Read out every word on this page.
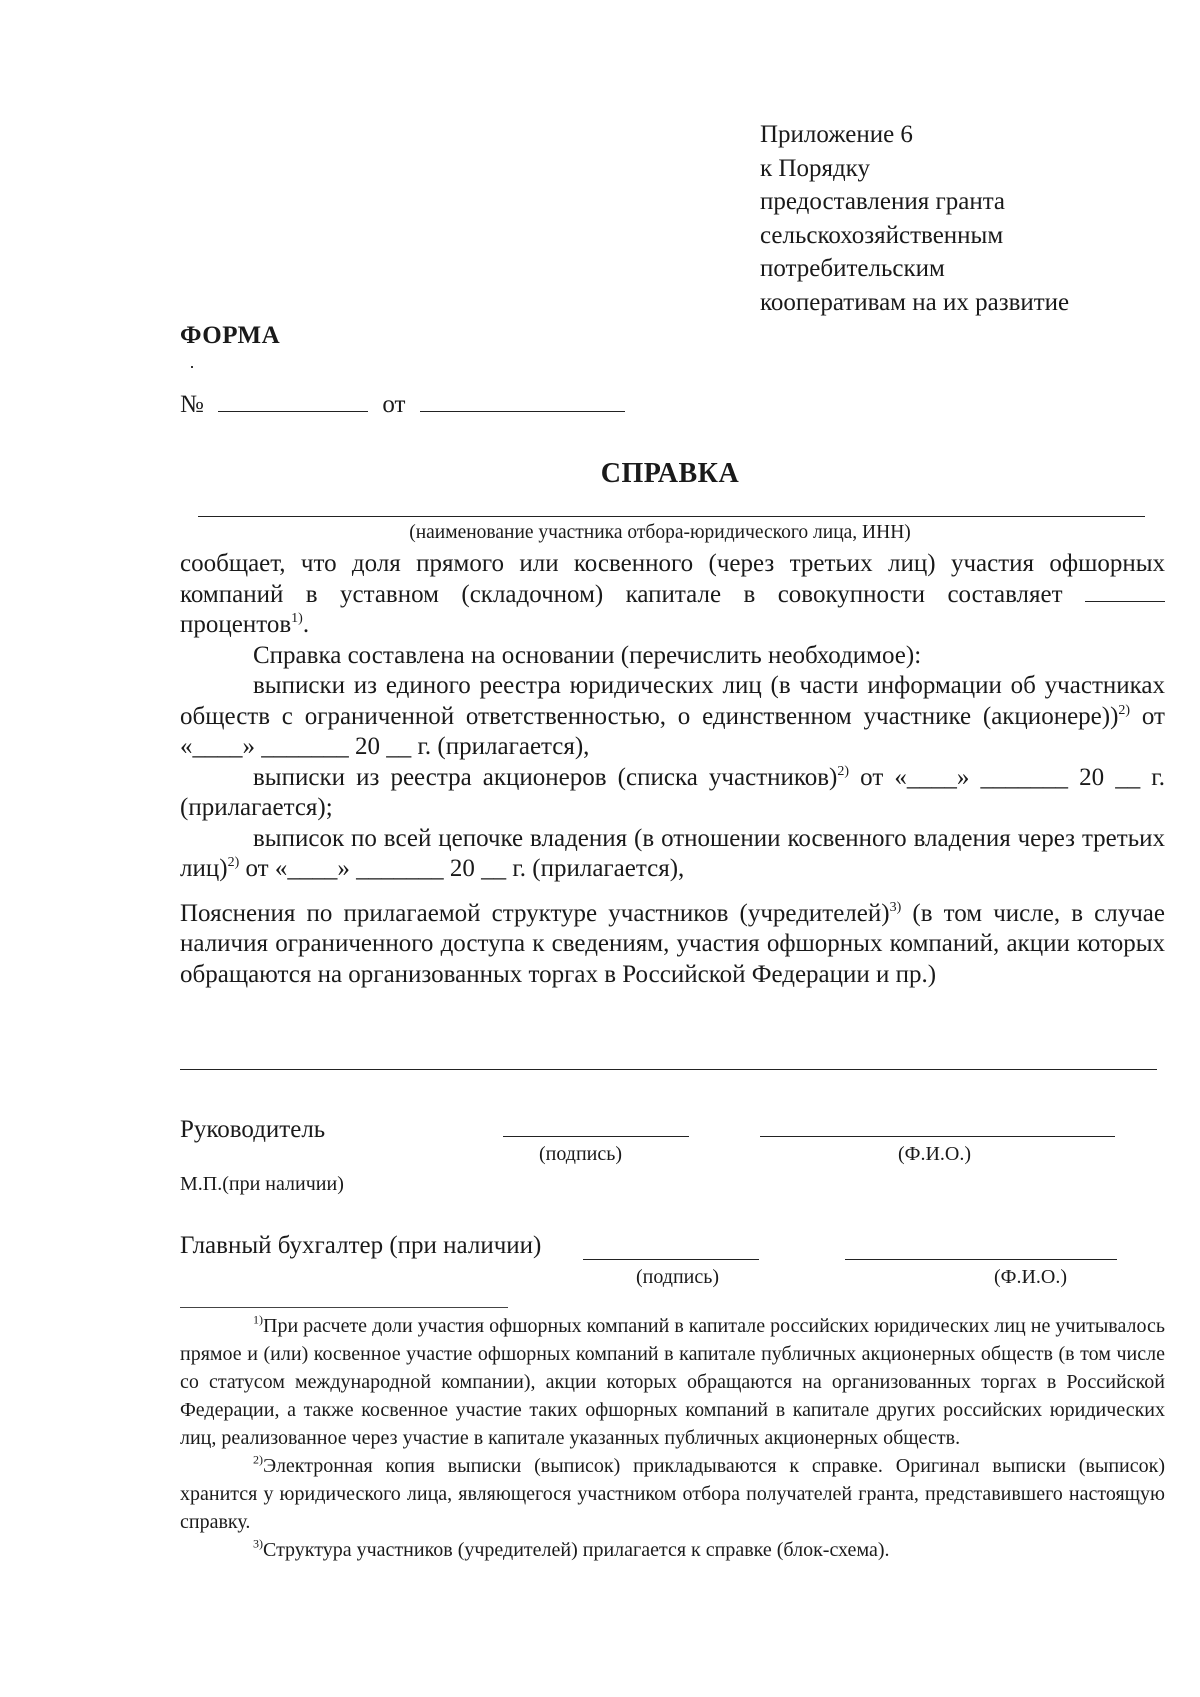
Приложение 6
к Порядку
предоставления гранта
сельскохозяйственным
потребительским
кооперативам на их развитие
ФОРМА
№	от
СПРАВКА
(наименование участника отбора-юридического лица, ИНН)

сообщает, что доля прямого или косвенного (через третьих лиц) участия офшорных компаний в уставном (складочном) капитале в совокупности составляет  процентов$^{1)}$.

Справка составлена на основании (перечислить необходимое):

выписки из единого реестра юридических лиц (в части информации об участниках обществ с ограниченной ответственностью, о единственном участнике (акционере))$^{2)}$ от «____» _______ 20 __ г. (прилагается),

выписки из реестра акционеров (списка участников)$^{2)}$ от «____» _______ 20 __ г. (прилагается);

выписок по всей цепочке владения (в отношении косвенного владения через третьих лиц)$^{2)}$ от «____» _______ 20 __ г. (прилагается),

Пояснения по прилагаемой структуре участников (учредителей)$^{3)}$ (в том числе, в случае наличия ограниченного доступа к сведениям, участия офшорных компаний, акции которых обращаются на организованных торгах в Российской Федерации и пр.)

Руководитель
(подпись)	(Ф.И.О.)
М.П.(при наличии)
Главный бухгалтер (при наличии)
(подпись)	(Ф.И.О.)

$^{1)}$При расчете доли участия офшорных компаний в капитале российских юридических лиц не учитывалось прямое и (или) косвенное участие офшорных компаний в капитале публичных акционерных обществ (в том числе со статусом международной компании), акции которых обращаются на организованных торгах в Российской Федерации, а также косвенное участие таких офшорных компаний в капитале других российских юридических лиц, реализованное через участие в капитале указанных публичных акционерных обществ.

$^{2)}$Электронная копия выписки (выписок) прикладываются к справке. Оригинал выписки (выписок) хранится у юридического лица, являющегося участником отбора получателей гранта, представившего настоящую справку.

$^{3)}$Структура участников (учредителей) прилагается к справке (блок-схема).
